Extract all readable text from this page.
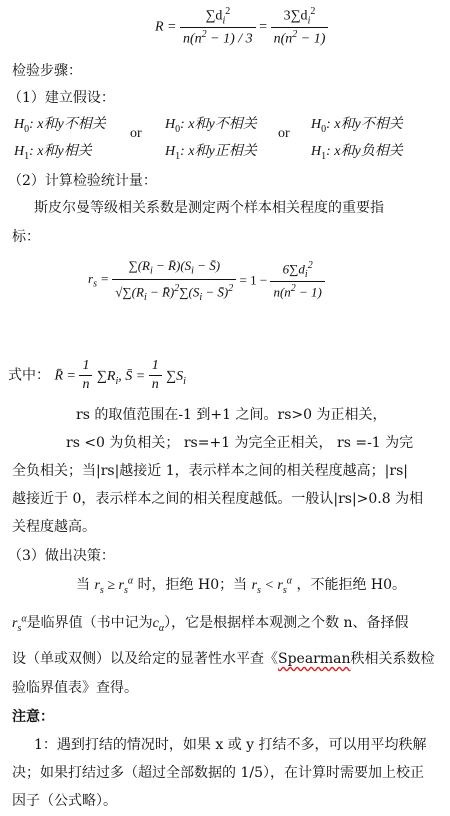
$R = \frac{\sum d_i^2}{n(n^2 - 1) / 3} = \frac{3\sum d_i^2}{n(n^2 - 1)}$
检验步骤：
（1）建立假设：
$H_0$: x和y不相关
$H_1$: x和y相关
or
$H_0$: x和y不相关
$H_1$: x和y正相关
or
$H_0$: x和y不相关
$H_1$: x和y负相关
（2）计算检验统计量：
斯皮尔曼等级相关系数是测定两个样本相关程度的重要指
标：
$r_s = \frac{\sum(R_i - R̄)(S_i - S̄)}{√\sum(R_i - R̄)^2\sum(S_i - S̄)^2} = 1 - \frac{6\sum d_i^2}{n(n^2 - 1)}$
式中： R̄ = $\frac{1}{n} \sum R_i$, S̄ = $\frac{1}{n} \sum S_i$
rs 的取值范围在-1 到+1 之间。rs>0 为正相关，
rs <0 为负相关； rs=+1 为完全正相关， rs =-1 为完
全负相关；当|rs|越接近 1，表示样本之间的相关程度越高；|rs|
越接近于 0，表示样本之间的相关程度越低。一般认|rs|>0.8 为相
关程度越高。
（3）做出决策：
当 $r_s \ge r_s^\alpha$ 时，拒绝 H0；当 $r_s < r_s^\alpha$ ，不能拒绝 H0。
$r_s^\alpha$是临界值（书中记为$c_\alpha$），它是根据样本观测之个数 n、备择假
设（单或双侧）以及给定的显著性水平查《Spearman秩相关系数检
验临界值表》查得。
注意：
1：遇到打结的情况时，如果 x 或 y 打结不多，可以用平均秩解
决；如果打结过多（超过全部数据的 1/5），在计算时需要加上校正
因子（公式略）。
